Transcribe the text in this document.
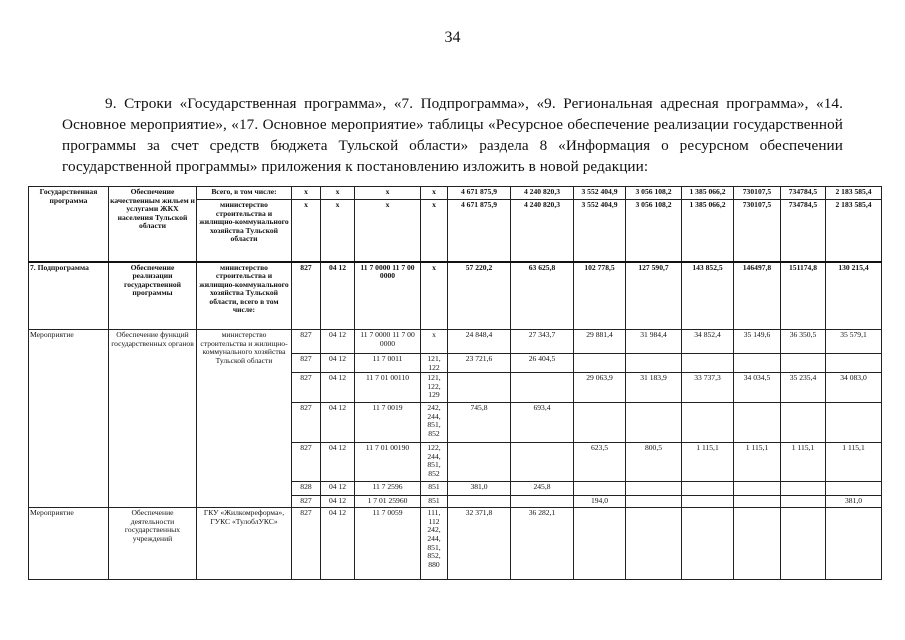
34

9. Строки «Государственная программа», «7. Подпрограмма», «9. Региональная адресная программа», «14. Основное мероприятие», «17. Основное мероприятие» таблицы «Ресурсное обеспечение реализации государственной программы за счет средств бюджета Тульской области» раздела 8 «Информация о ресурсном обеспечении государственной программы» приложения к постановлению изложить в новой редакции:

Государственная программа	Обеспечение качественным жильем и услугами ЖКХ населения Тульской области	Всего, в том числе:	x	x	x	x	4 671 875,9	4 240 820,3	3 552 404,9	3 056 108,2	1 385 066,2	730107,5	734784,5	2 183 585,4
		министерство строительства и жилищно-коммунального хозяйства Тульской области	x	x	x	x	4 671 875,9	4 240 820,3	3 552 404,9	3 056 108,2	1 385 066,2	730107,5	734784,5	2 183 585,4
7. Подпрограмма	Обеспечение реализации государственной программы	министерство строительства и жилищно-коммунального хозяйства Тульской области, всего в том числе:	827	04 12	11 7 0000 11 7 00 0000	x	57 220,2	63 625,8	102 778,5	127 590,7	143 852,5	146497,8	151174,8	130 215,4
Мероприятие	Обеспечение функций государственных органов	министерство строительства и жилищно-коммунального хозяйства Тульской области	827	04 12	11 7 0000 11 7 00 0000	x	24 848,4	27 343,7	29 881,4	31 984,4	34 852,4	35 149,6	36 350,5	35 579,1
			827	04 12	11 7 0011	121, 122	23 721,6	26 404,5						
			827	04 12	11 7 01 00110	121, 122, 129			29 063,9	31 183,9	33 737,3	34 034,5	35 235,4	34 083,0
			827	04 12	11 7 0019	242, 244, 851, 852	745,8	693,4						
			827	04 12	11 7 01 00190	122, 244, 851, 852			623,5	800,5	1 115,1	1 115,1	1 115,1	1 115,1
			828	04 12	11 7 2596	851	381,0	245,8						
			827	04 12	1 7 01 25960	851			194,0					381,0
Мероприятие	Обеспечение деятельности государственных учреждений	ГКУ «Жилкомреформа», ГУКС «ТулоблУКС»	827	04 12	11 7 0059	111, 112 242, 244, 851, 852, 880	32 371,8	36 282,1						
